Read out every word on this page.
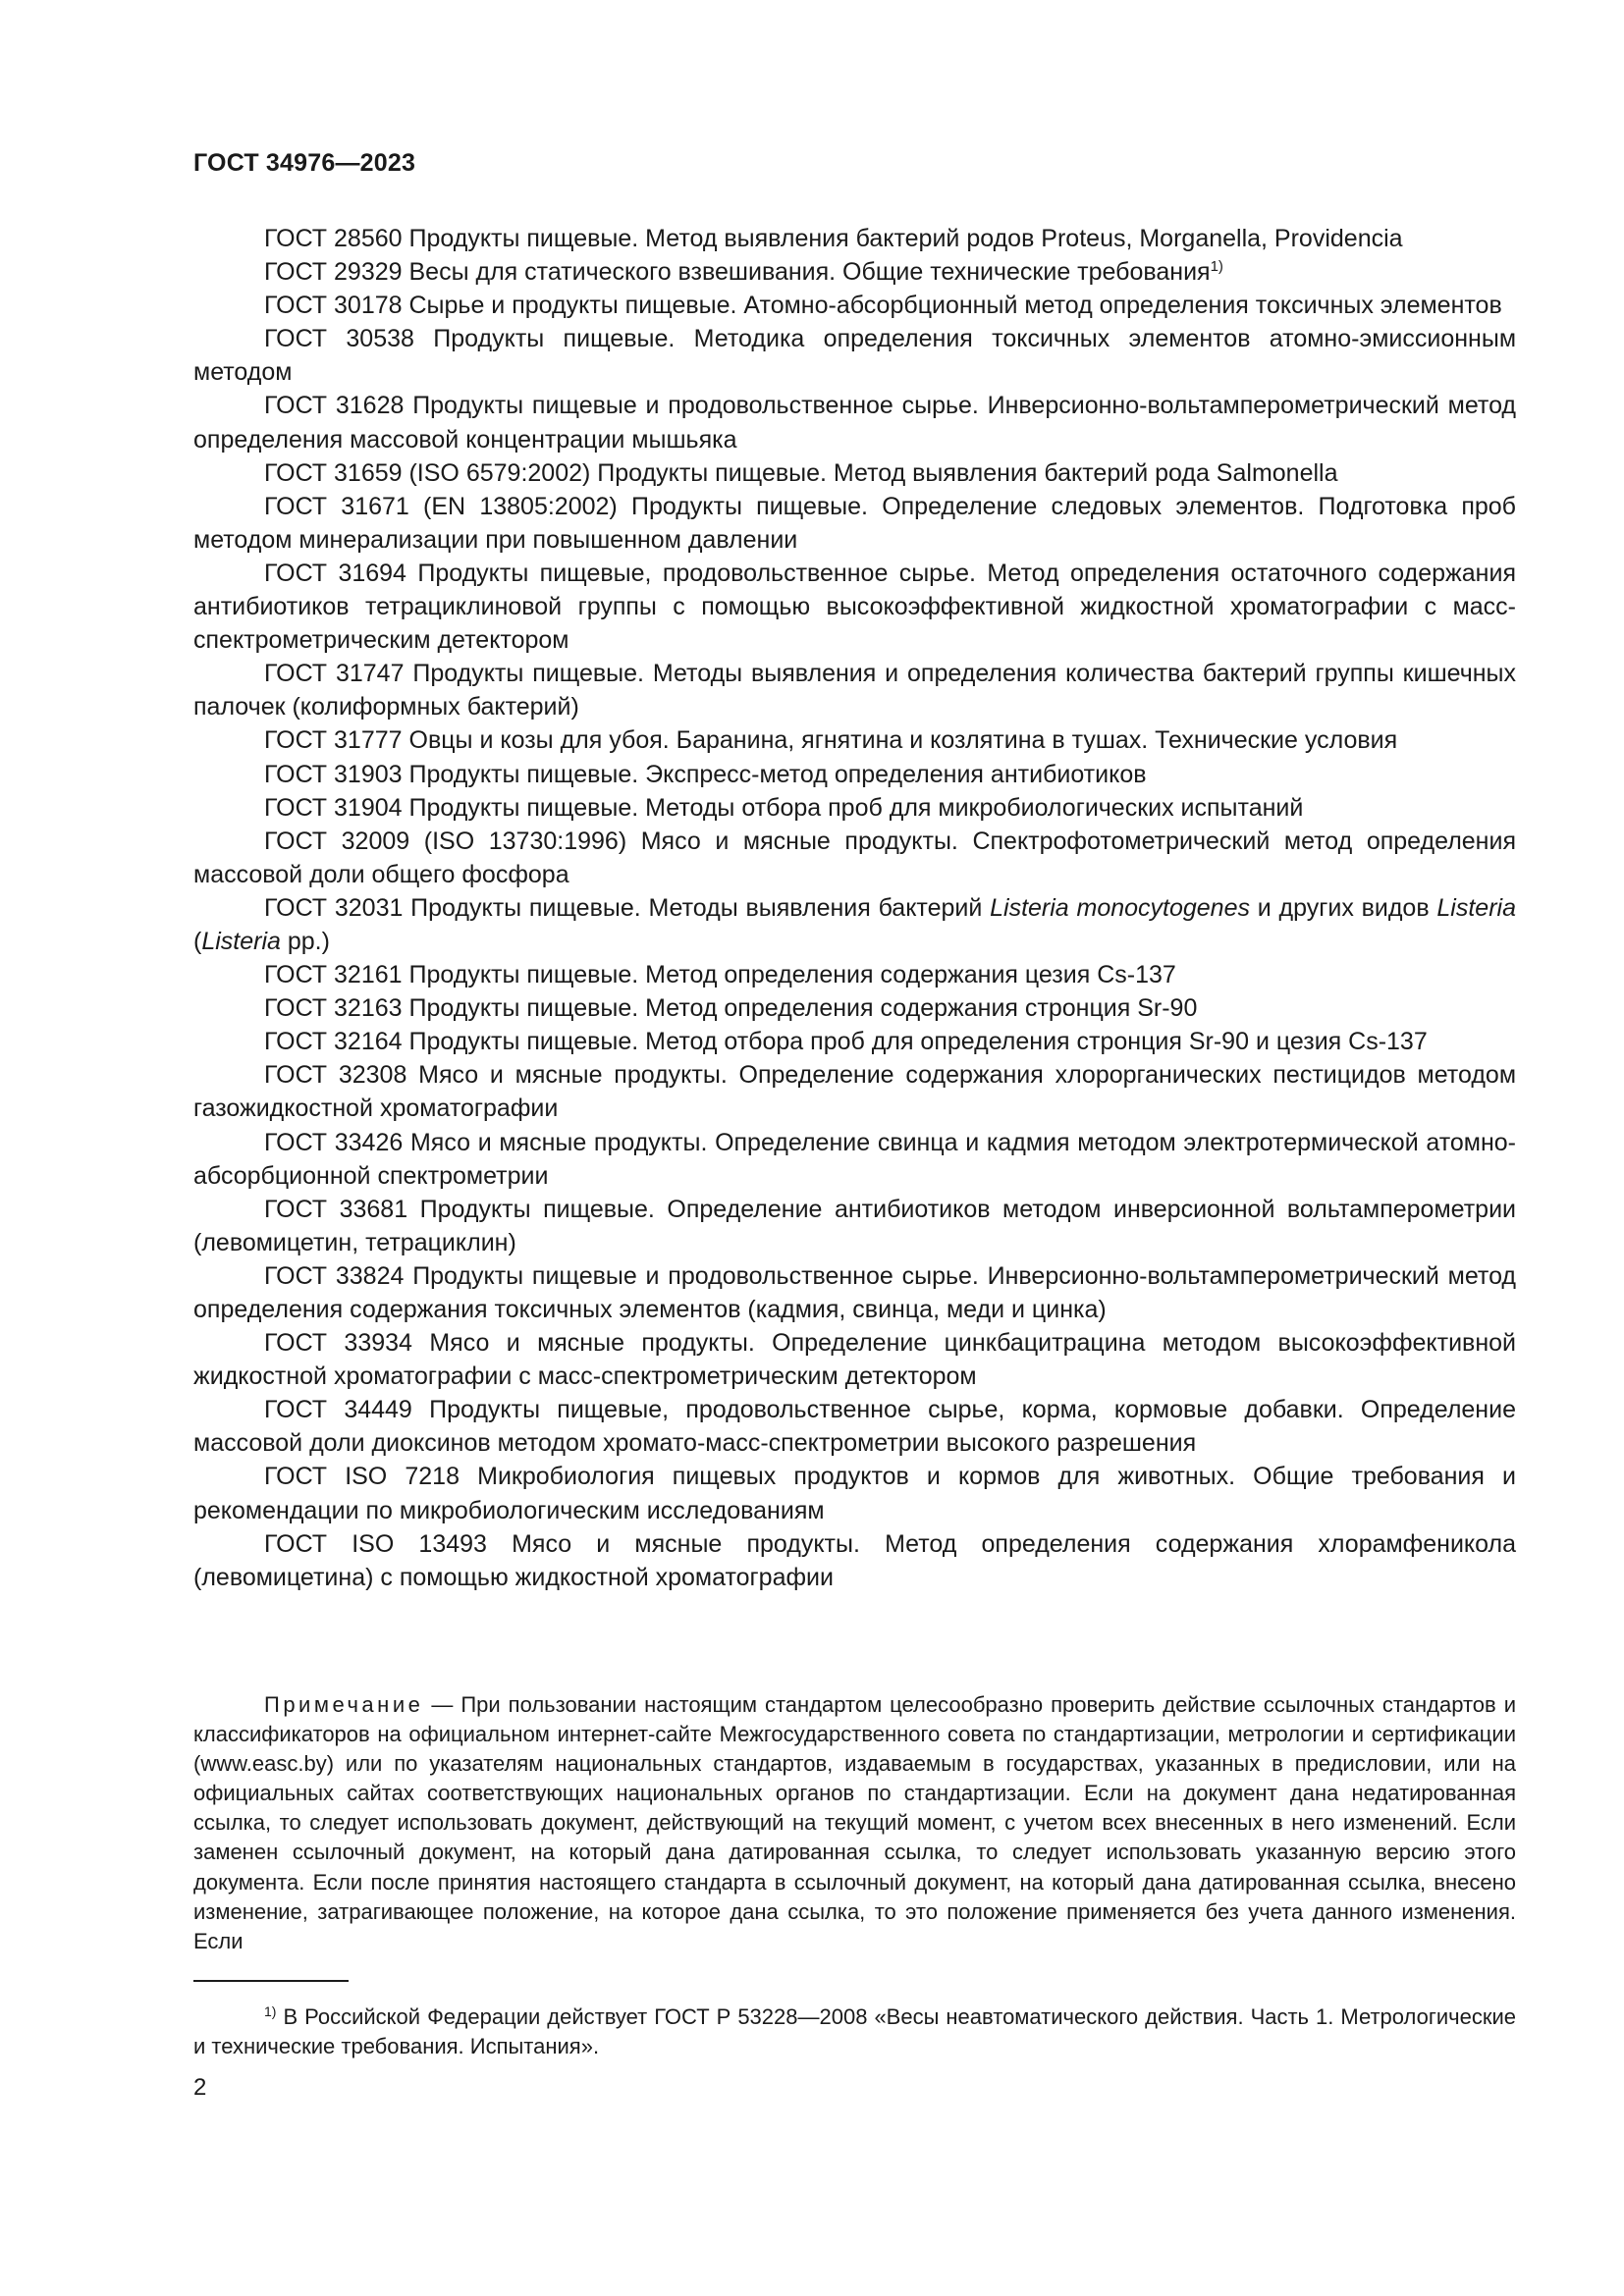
ГОСТ 34976—2023

ГОСТ 28560 Продукты пищевые. Метод выявления бактерий родов Proteus, Morganella, Providencia

ГОСТ 29329 Весы для статического взвешивания. Общие технические требования$^{1)}$

ГОСТ 30178 Сырье и продукты пищевые. Атомно-абсорбционный метод определения токсичных элементов

ГОСТ 30538 Продукты пищевые. Методика определения токсичных элементов атомно-эмиссионным методом

ГОСТ 31628 Продукты пищевые и продовольственное сырье. Инверсионно-вольтамперометрический метод определения массовой концентрации мышьяка

ГОСТ 31659 (ISO 6579:2002) Продукты пищевые. Метод выявления бактерий рода Salmonella

ГОСТ 31671 (EN 13805:2002) Продукты пищевые. Определение следовых элементов. Подготовка проб методом минерализации при повышенном давлении

ГОСТ 31694 Продукты пищевые, продовольственное сырье. Метод определения остаточного содержания антибиотиков тетрациклиновой группы с помощью высокоэффективной жидкостной хроматографии с масс-спектрометрическим детектором

ГОСТ 31747 Продукты пищевые. Методы выявления и определения количества бактерий группы кишечных палочек (колиформных бактерий)

ГОСТ 31777 Овцы и козы для убоя. Баранина, ягнятина и козлятина в тушах. Технические условия

ГОСТ 31903 Продукты пищевые. Экспресс-метод определения антибиотиков

ГОСТ 31904 Продукты пищевые. Методы отбора проб для микробиологических испытаний

ГОСТ 32009 (ISO 13730:1996) Мясо и мясные продукты. Спектрофотометрический метод определения массовой доли общего фосфора

ГОСТ 32031 Продукты пищевые. Методы выявления бактерий Listeria monocytogenes и других видов Listeria (Listeria pp.)

ГОСТ 32161 Продукты пищевые. Метод определения содержания цезия Cs-137

ГОСТ 32163 Продукты пищевые. Метод определения содержания стронция Sr-90

ГОСТ 32164 Продукты пищевые. Метод отбора проб для определения стронция Sr-90 и цезия Cs-137

ГОСТ 32308 Мясо и мясные продукты. Определение содержания хлорорганических пестицидов методом газожидкостной хроматографии

ГОСТ 33426 Мясо и мясные продукты. Определение свинца и кадмия методом электротермической атомно-абсорбционной спектрометрии

ГОСТ 33681 Продукты пищевые. Определение антибиотиков методом инверсионной вольтамперометрии (левомицетин, тетрациклин)

ГОСТ 33824 Продукты пищевые и продовольственное сырье. Инверсионно-вольтамперометрический метод определения содержания токсичных элементов (кадмия, свинца, меди и цинка)

ГОСТ 33934 Мясо и мясные продукты. Определение цинкбацитрацина методом высокоэффективной жидкостной хроматографии с масс-спектрометрическим детектором

ГОСТ 34449 Продукты пищевые, продовольственное сырье, корма, кормовые добавки. Определение массовой доли диоксинов методом хромато-масс-спектрометрии высокого разрешения

ГОСТ ISO 7218 Микробиология пищевых продуктов и кормов для животных. Общие требования и рекомендации по микробиологическим исследованиям

ГОСТ ISO 13493 Мясо и мясные продукты. Метод определения содержания хлорамфеникола (левомицетина) с помощью жидкостной хроматографии

Примечание — При пользовании настоящим стандартом целесообразно проверить действие ссылочных стандартов и классификаторов на официальном интернет-сайте Межгосударственного совета по стандартизации, метрологии и сертификации (www.easc.by) или по указателям национальных стандартов, издаваемым в государствах, указанных в предисловии, или на официальных сайтах соответствующих национальных органов по стандартизации. Если на документ дана недатированная ссылка, то следует использовать документ, действующий на текущий момент, с учетом всех внесенных в него изменений. Если заменен ссылочный документ, на который дана датированная ссылка, то следует использовать указанную версию этого документа. Если после принятия настоящего стандарта в ссылочный документ, на который дана датированная ссылка, внесено изменение, затрагивающее положение, на которое дана ссылка, то это положение применяется без учета данного изменения. Если

$^{1)}$ В Российской Федерации действует ГОСТ Р 53228—2008 «Весы неавтоматического действия. Часть 1. Метрологические и технические требования. Испытания».

2
